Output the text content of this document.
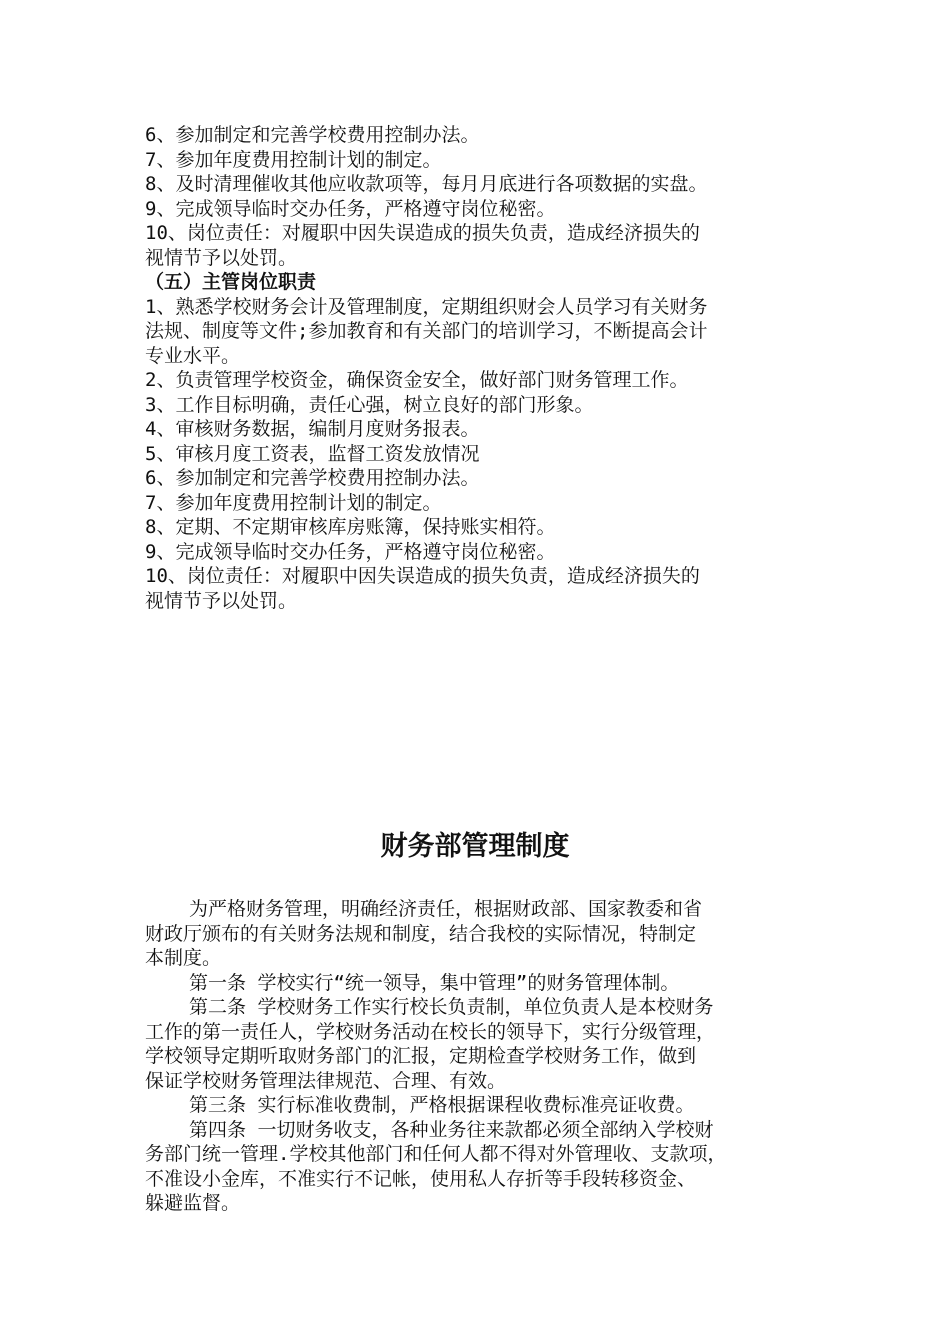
6、参加制定和完善学校费用控制办法。
7、参加年度费用控制计划的制定。
8、及时清理催收其他应收款项等，每月月底进行各项数据的实盘。
9、完成领导临时交办任务，严格遵守岗位秘密。
10、岗位责任：对履职中因失误造成的损失负责，造成经济损失的
视情节予以处罚。
（五）主管岗位职责
1、熟悉学校财务会计及管理制度，定期组织财会人员学习有关财务
法规、制度等文件;参加教育和有关部门的培训学习，不断提高会计
专业水平。
2、负责管理学校资金，确保资金安全，做好部门财务管理工作。
3、工作目标明确，责任心强，树立良好的部门形象。
4、审核财务数据，编制月度财务报表。
5、审核月度工资表，监督工资发放情况
6、参加制定和完善学校费用控制办法。
7、参加年度费用控制计划的制定。
8、定期、不定期审核库房账簿，保持账实相符。
9、完成领导临时交办任务，严格遵守岗位秘密。
10、岗位责任：对履职中因失误造成的损失负责，造成经济损失的
视情节予以处罚。
财务部管理制度
为严格财务管理，明确经济责任，根据财政部、国家教委和省
财政厅颁布的有关财务法规和制度，结合我校的实际情况，特制定
本制度。
第一条 学校实行“统一领导，集中管理”的财务管理体制。
第二条 学校财务工作实行校长负责制，单位负责人是本校财务
工作的第一责任人，学校财务活动在校长的领导下，实行分级管理，
学校领导定期听取财务部门的汇报，定期检查学校财务工作，做到
保证学校财务管理法律规范、合理、有效。
第三条 实行标准收费制，严格根据课程收费标准亮证收费。
第四条 一切财务收支，各种业务往来款都必须全部纳入学校财
务部门统一管理.学校其他部门和任何人都不得对外管理收、支款项，
不准设小金库，不准实行不记帐，使用私人存折等手段转移资金、
躲避监督。
